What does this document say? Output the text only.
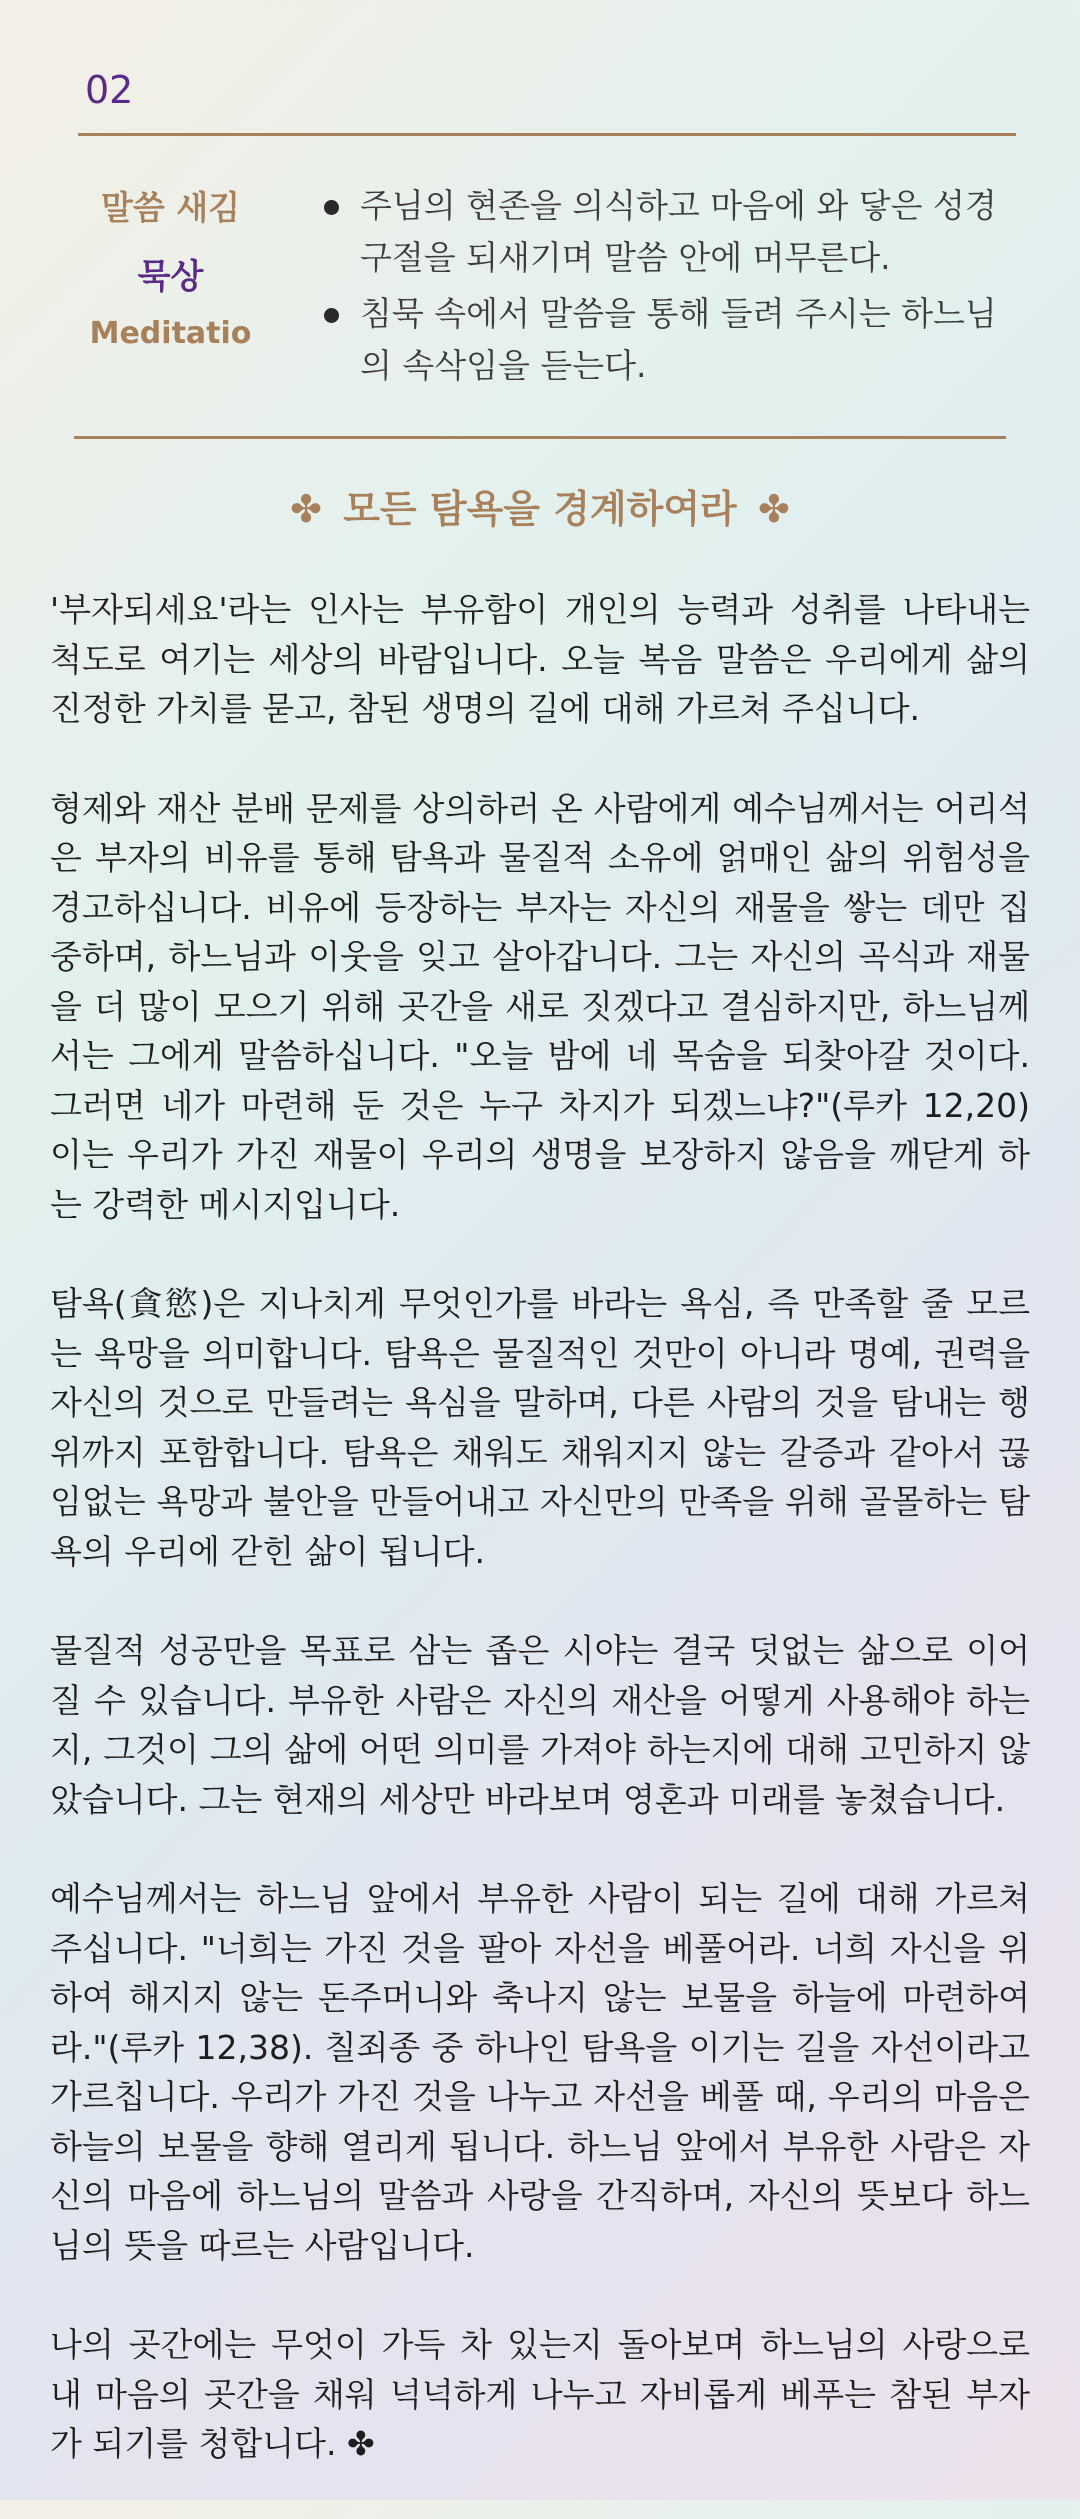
02
말씀 새김
묵상
Meditatio
주님의 현존을 의식하고 마음에 와 닿은 성경구절을 되새기며 말씀 안에 머무른다.
침묵 속에서 말씀을 통해 들려 주시는 하느님의 속삭임을 듣는다.
✤ 모든 탐욕을 경계하여라 ✤

'부자되세요'라는 인사는 부유함이 개인의 능력과 성취를 나타내는 척도로 여기는 세상의 바람입니다. 오늘 복음 말씀은 우리에게 삶의 진정한 가치를 묻고, 참된 생명의 길에 대해 가르쳐 주십니다.

형제와 재산 분배 문제를 상의하러 온 사람에게 예수님께서는 어리석은 부자의 비유를 통해 탐욕과 물질적 소유에 얽매인 삶의 위험성을 경고하십니다. 비유에 등장하는 부자는 자신의 재물을 쌓는 데만 집중하며, 하느님과 이웃을 잊고 살아갑니다. 그는 자신의 곡식과 재물을 더 많이 모으기 위해 곳간을 새로 짓겠다고 결심하지만, 하느님께서는 그에게 말씀하십니다. "오늘 밤에 네 목숨을 되찾아갈 것이다. 그러면 네가 마련해 둔 것은 누구 차지가 되겠느냐?"(루카 12,20) 이는 우리가 가진 재물이 우리의 생명을 보장하지 않음을 깨닫게 하는 강력한 메시지입니다.

탐욕(貪慾)은 지나치게 무엇인가를 바라는 욕심, 즉 만족할 줄 모르는 욕망을 의미합니다. 탐욕은 물질적인 것만이 아니라 명예, 권력을 자신의 것으로 만들려는 욕심을 말하며, 다른 사람의 것을 탐내는 행위까지 포함합니다. 탐욕은 채워도 채워지지 않는 갈증과 같아서 끊임없는 욕망과 불안을 만들어내고 자신만의 만족을 위해 골몰하는 탐욕의 우리에 갇힌 삶이 됩니다.

물질적 성공만을 목표로 삼는 좁은 시야는 결국 덧없는 삶으로 이어질 수 있습니다. 부유한 사람은 자신의 재산을 어떻게 사용해야 하는지, 그것이 그의 삶에 어떤 의미를 가져야 하는지에 대해 고민하지 않았습니다. 그는 현재의 세상만 바라보며 영혼과 미래를 놓쳤습니다.

예수님께서는 하느님 앞에서 부유한 사람이 되는 길에 대해 가르쳐 주십니다. "너희는 가진 것을 팔아 자선을 베풀어라. 너희 자신을 위하여 해지지 않는 돈주머니와 축나지 않는 보물을 하늘에 마련하여라."(루카 12,38). 칠죄종 중 하나인 탐욕을 이기는 길을 자선이라고 가르칩니다. 우리가 가진 것을 나누고 자선을 베풀 때, 우리의 마음은 하늘의 보물을 향해 열리게 됩니다. 하느님 앞에서 부유한 사람은 자신의 마음에 하느님의 말씀과 사랑을 간직하며, 자신의 뜻보다 하느님의 뜻을 따르는 사람입니다.

나의 곳간에는 무엇이 가득 차 있는지 돌아보며 하느님의 사랑으로 내 마음의 곳간을 채워 넉넉하게 나누고 자비롭게 베푸는 참된 부자가 되기를 청합니다. ✤
